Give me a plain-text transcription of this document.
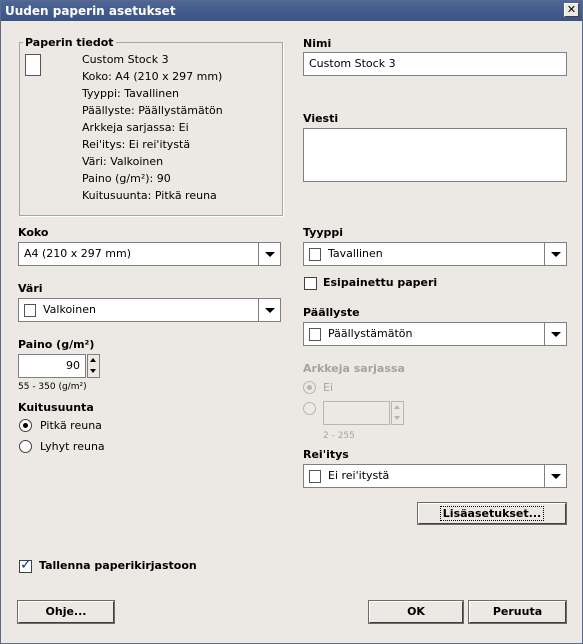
Uuden paperin asetukset	✕
Paperin tiedot
Custom Stock 3
Koko: A4 (210 x 297 mm)
Tyyppi: Tavallinen
Päällyste: Päällystämätön
Arkkeja sarjassa: Ei
Rei'itys: Ei rei'itystä
Väri: Valkoinen
Paino (g/m²): 90
Kuitusuunta: Pitkä reuna
Nimi
Custom Stock 3
Viesti
Koko
A4 (210 x 297 mm)
Tyyppi
Tavallinen
Esipainettu paperi
Väri
Valkoinen	Päällyste
Päällystämätön
Paino (g/m²)
90
55 - 350 (g/m²)
Arkkeja sarjassa
Ei
2 - 255
Kuitusuunta
Pitkä reuna
Lyhyt reuna
Rei'itys
Ei rei'itystä
Lisäasetukset...
✓ Tallenna paperikirjastoon
Ohje...	OK	Peruuta
